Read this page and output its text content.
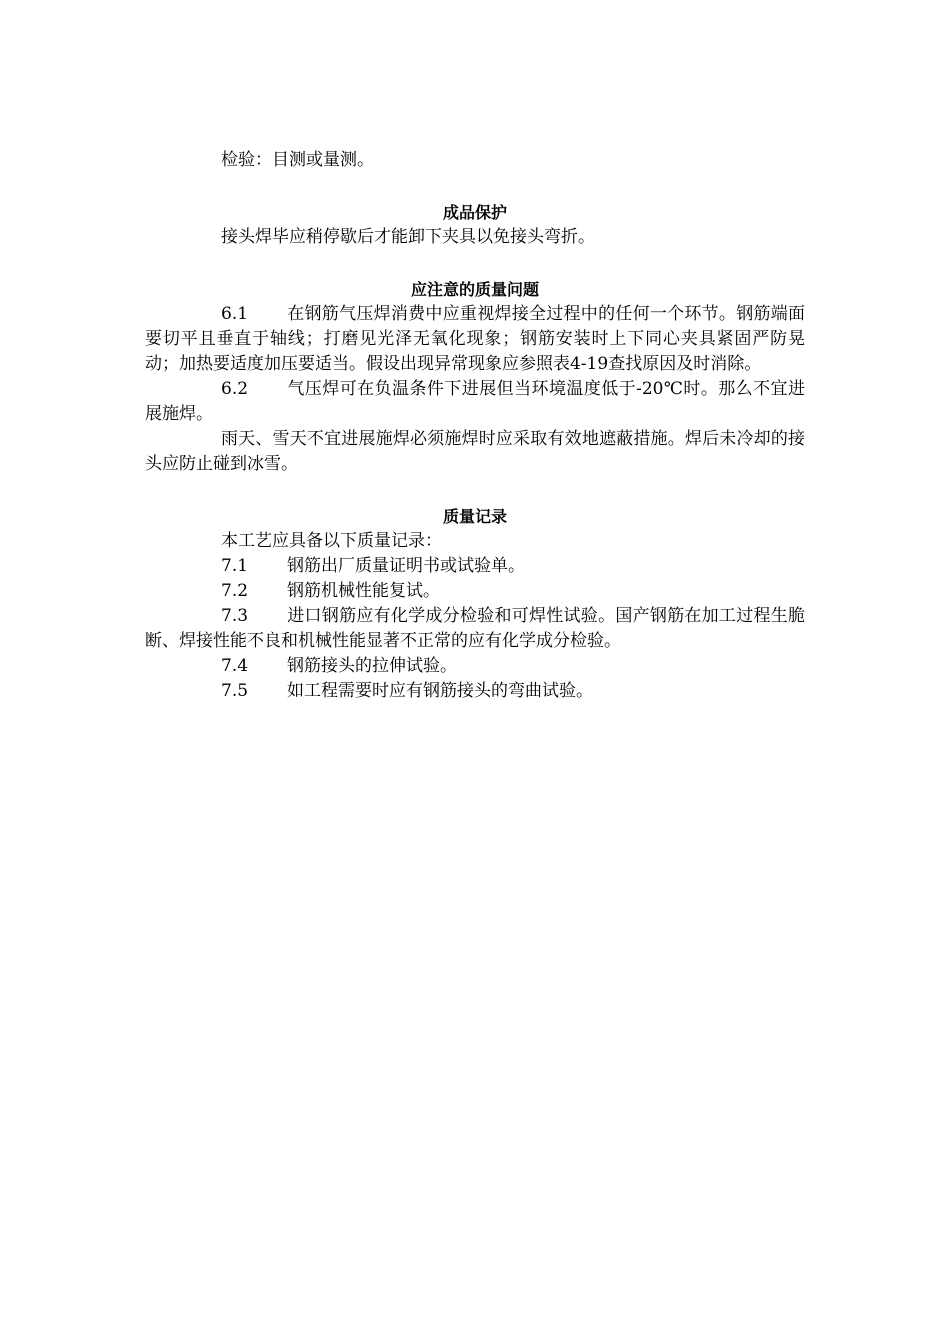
检验：目测或量测。

成品保护

接头焊毕应稍停歇后才能卸下夹具以免接头弯折。

应注意的质量问题

6.1 在钢筋气压焊消费中应重视焊接全过程中的任何一个环节。钢筋端面要切平且垂直于轴线；打磨见光泽无氧化现象；钢筋安装时上下同心夹具紧固严防晃动；加热要适度加压要适当。假设出现异常现象应参照表4-19查找原因及时消除。

6.2 气压焊可在负温条件下进展但当环境温度低于-20℃时。那么不宜进展施焊。

雨天、雪天不宜进展施焊必须施焊时应采取有效地遮蔽措施。焊后未冷却的接头应防止碰到冰雪。

质量记录

本工艺应具备以下质量记录：

7.1 钢筋出厂质量证明书或试验单。

7.2 钢筋机械性能复试。

7.3 进口钢筋应有化学成分检验和可焊性试验。国产钢筋在加工过程生脆断、焊接性能不良和机械性能显著不正常的应有化学成分检验。

7.4 钢筋接头的拉伸试验。

7.5 如工程需要时应有钢筋接头的弯曲试验。
